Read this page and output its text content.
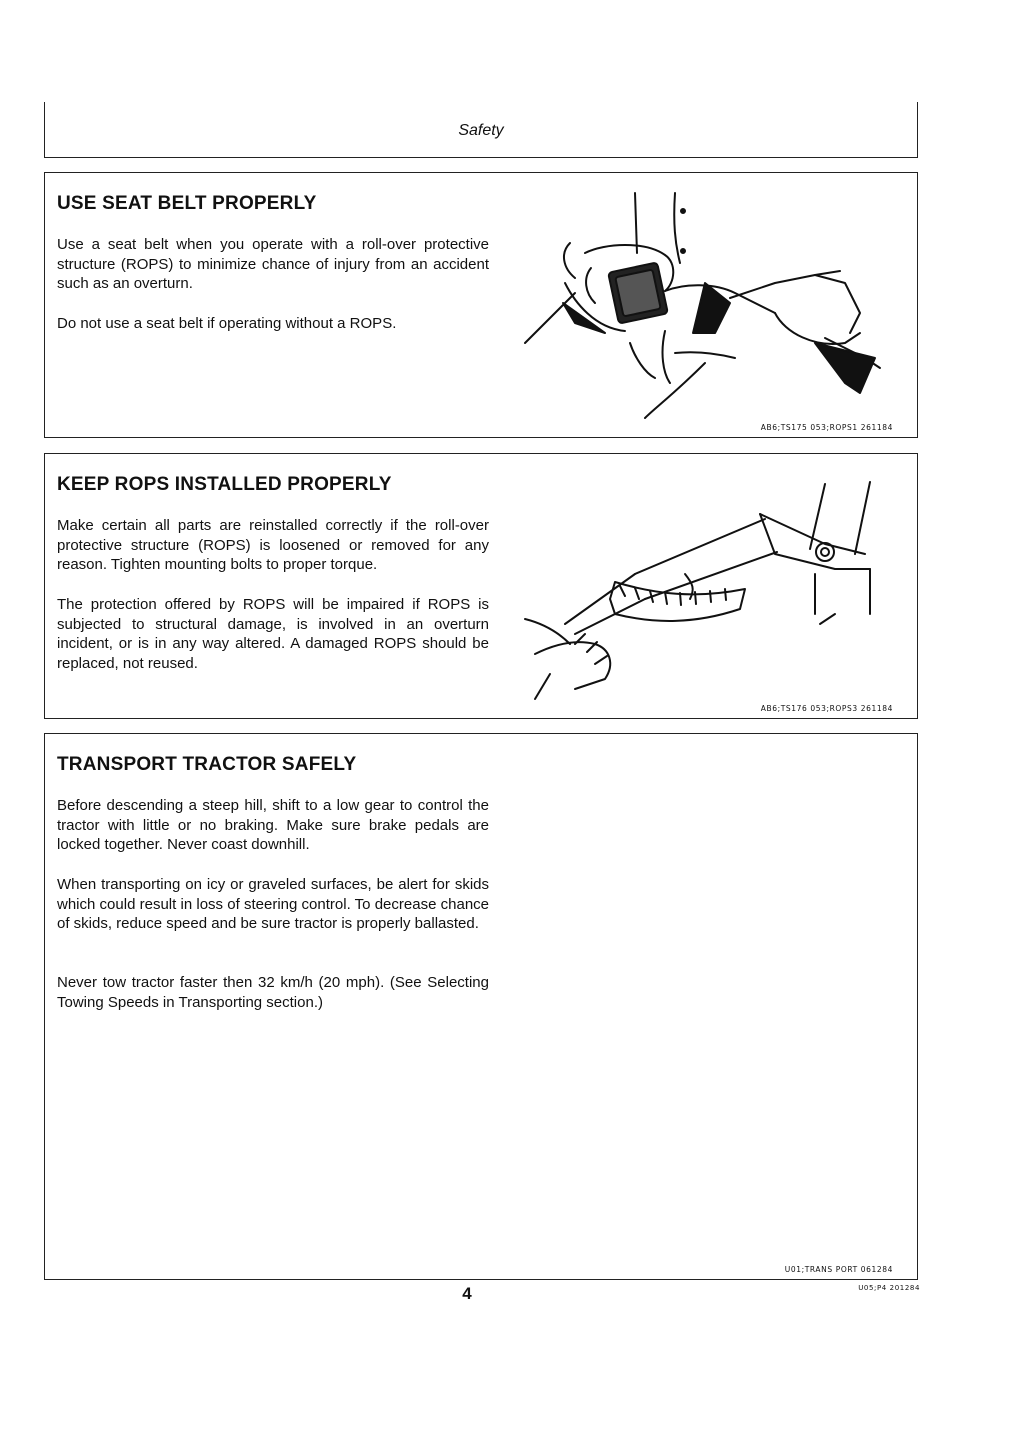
Safety
USE SEAT BELT PROPERLY
Use a seat belt when you operate with a roll-over protective structure (ROPS) to minimize chance of injury from an accident such as an overturn.
Do not use a seat belt if operating without a ROPS.
AB6;TS175 053;ROPS1 261184
KEEP ROPS INSTALLED PROPERLY
Make certain all parts are reinstalled correctly if the roll-over protective structure (ROPS) is loosened or removed for any reason. Tighten mounting bolts to proper torque.
The protection offered by ROPS will be impaired if ROPS is subjected to structural damage, is involved in an overturn incident, or is in any way altered. A damaged ROPS should be replaced, not reused.
AB6;TS176 053;ROPS3 261184
TRANSPORT TRACTOR SAFELY
Before descending a steep hill, shift to a low gear to control the tractor with little or no braking. Make sure brake pedals are locked together. Never coast downhill.
When transporting on icy or graveled surfaces, be alert for skids which could result in loss of steering control. To decrease chance of skids, reduce speed and be sure tractor is properly ballasted.
Never tow tractor faster then 32 km/h (20 mph). (See Selecting Towing Speeds in Transporting section.)
U01;TRANS PORT 061284
4	U05;P4 201284
